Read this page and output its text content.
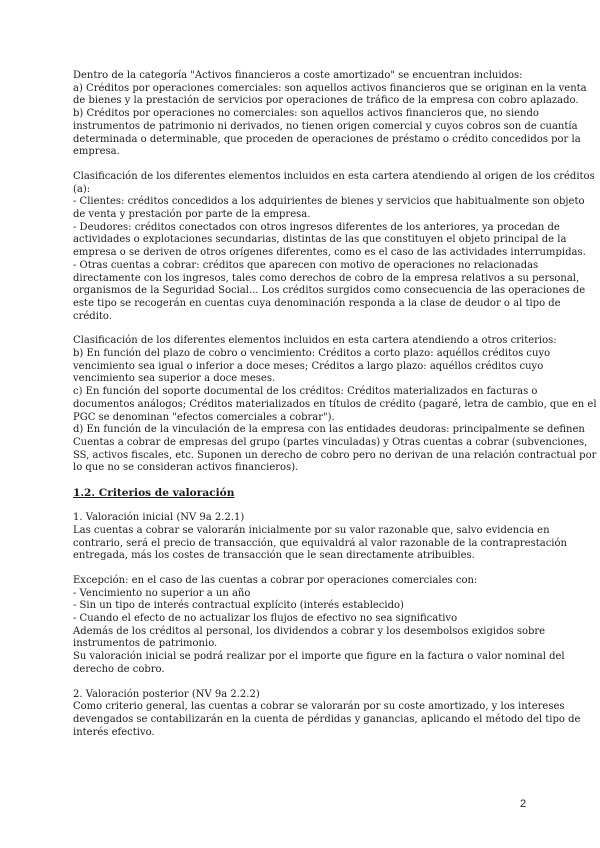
Dentro de la categoría "Activos financieros a coste amortizado" se encuentran incluidos:
a) Créditos por operaciones comerciales: son aquellos activos financieros que se originan en la venta
de bienes y la prestación de servicios por operaciones de tráfico de la empresa con cobro aplazado.
b) Créditos por operaciones no comerciales: son aquellos activos financieros que, no siendo
instrumentos de patrimonio ni derivados, no tienen origen comercial y cuyos cobros son de cuantía
determinada o determinable, que proceden de operaciones de préstamo o crédito concedidos por la
empresa.
Clasificación de los diferentes elementos incluidos en esta cartera atendiendo al origen de los créditos
(a):
- Clientes: créditos concedidos a los adquirientes de bienes y servicios que habitualmente son objeto
de venta y prestación por parte de la empresa.
- Deudores: créditos conectados con otros ingresos diferentes de los anteriores, ya procedan de
actividades o explotaciones secundarias, distintas de las que constituyen el objeto principal de la
empresa o se deriven de otros orígenes diferentes, como es el caso de las actividades interrumpidas.
- Otras cuentas a cobrar: créditos que aparecen con motivo de operaciones no relacionadas
directamente con los ingresos, tales como derechos de cobro de la empresa relativos a su personal,
organismos de la Seguridad Social... Los créditos surgidos como consecuencia de las operaciones de
este tipo se recogerán en cuentas cuya denominación responda a la clase de deudor o al tipo de
crédito.
Clasificación de los diferentes elementos incluidos en esta cartera atendiendo a otros criterios:
b) En función del plazo de cobro o vencimiento: Créditos a corto plazo: aquéllos créditos cuyo
vencimiento sea igual o inferior a doce meses; Créditos a largo plazo: aquéllos créditos cuyo
vencimiento sea superior a doce meses.
c) En función del soporte documental de los créditos: Créditos materializados en facturas o
documentos análogos; Créditos materializados en títulos de crédito (pagaré, letra de cambio, que en el
PGC se denominan "efectos comerciales a cobrar").
d) En función de la vinculación de la empresa con las entidades deudoras: principalmente se definen
Cuentas a cobrar de empresas del grupo (partes vinculadas) y Otras cuentas a cobrar (subvenciones,
SS, activos fiscales, etc. Suponen un derecho de cobro pero no derivan de una relación contractual por
lo que no se consideran activos financieros).
1.2. Criterios de valoración
1. Valoración inicial (NV 9a 2.2.1)
Las cuentas a cobrar se valorarán inicialmente por su valor razonable que, salvo evidencia en
contrario, será el precio de transacción, que equivaldrá al valor razonable de la contraprestación
entregada, más los costes de transacción que le sean directamente atribuibles.
Excepción: en el caso de las cuentas a cobrar por operaciones comerciales con:
- Vencimiento no superior a un año
- Sin un tipo de interés contractual explícito (interés establecido)
- Cuando el efecto de no actualizar los flujos de efectivo no sea significativo
Además de los créditos al personal, los dividendos a cobrar y los desembolsos exigidos sobre
instrumentos de patrimonio.
Su valoración inicial se podrá realizar por el importe que figure en la factura o valor nominal del
derecho de cobro.
2. Valoración posterior (NV 9a 2.2.2)
Como criterio general, las cuentas a cobrar se valorarán por su coste amortizado, y los intereses
devengados se contabilizarán en la cuenta de pérdidas y ganancias, aplicando el método del tipo de
interés efectivo.
2
